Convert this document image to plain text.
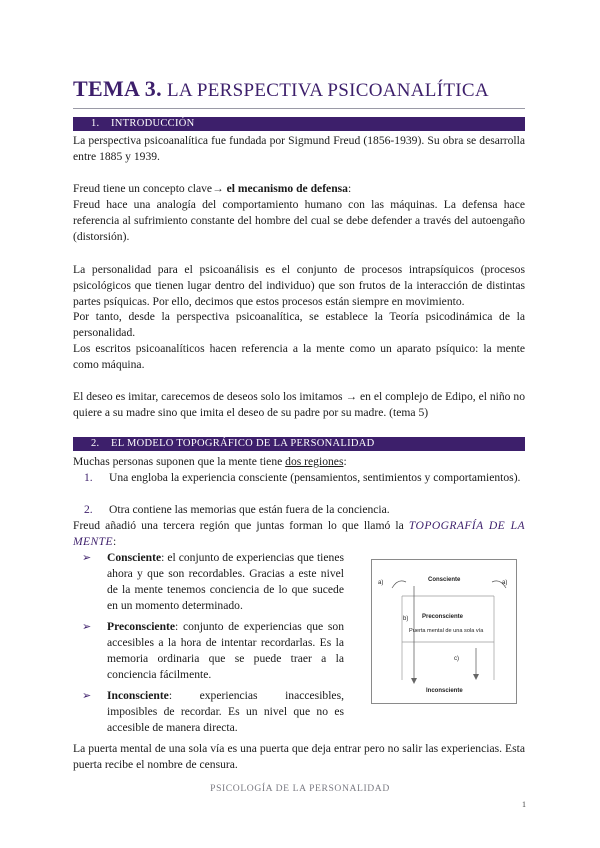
TEMA 3. LA PERSPECTIVA PSICOANALÍTICA
1. INTRODUCCIÓN
La perspectiva psicoanalítica fue fundada por Sigmund Freud (1856-1939). Su obra se desarrolla entre 1885 y 1939.
Freud tiene un concepto clave→ el mecanismo de defensa:
Freud hace una analogía del comportamiento humano con las máquinas. La defensa hace referencia al sufrimiento constante del hombre del cual se debe defender a través del autoengaño (distorsión).
La personalidad para el psicoanálisis es el conjunto de procesos intrapsíquicos (procesos psicológicos que tienen lugar dentro del individuo) que son frutos de la interacción de distintas partes psíquicas. Por ello, decimos que estos procesos están siempre en movimiento.
Por tanto, desde la perspectiva psicoanalítica, se establece la Teoría psicodinámica de la personalidad.
Los escritos psicoanalíticos hacen referencia a la mente como un aparato psíquico: la mente como máquina.
El deseo es imitar, carecemos de deseos solo los imitamos → en el complejo de Edipo, el niño no quiere a su madre sino que imita el deseo de su padre por su madre. (tema 5)
2. EL MODELO TOPOGRÁFICO DE LA PERSONALIDAD
Muchas personas suponen que la mente tiene dos regiones:
1. Una engloba la experiencia consciente (pensamientos, sentimientos y comportamientos).
2. Otra contiene las memorias que están fuera de la conciencia.
Freud añadió una tercera región que juntas forman lo que llamó la TOPOGRAFÍA DE LA MENTE:
➢ Consciente: el conjunto de experiencias que tienes ahora y que son recordables. Gracias a este nivel de la mente tenemos conciencia de lo que sucede en un momento determinado.
➢ Preconsciente: conjunto de experiencias que son accesibles a la hora de intentar recordarlas. Es la memoria ordinaria que se puede traer a la conciencia fácilmente.
➢ Inconsciente: experiencias inaccesibles, imposibles de recordar. Es un nivel que no es accesible de manera directa.
Consciente
Preconsciente
Puerta mental de una sola vía
Inconsciente
a)	a)
b)
c)
La puerta mental de una sola vía es una puerta que deja entrar pero no salir las experiencias. Esta puerta recibe el nombre de censura.
PSICOLOGÍA DE LA PERSONALIDAD
1
